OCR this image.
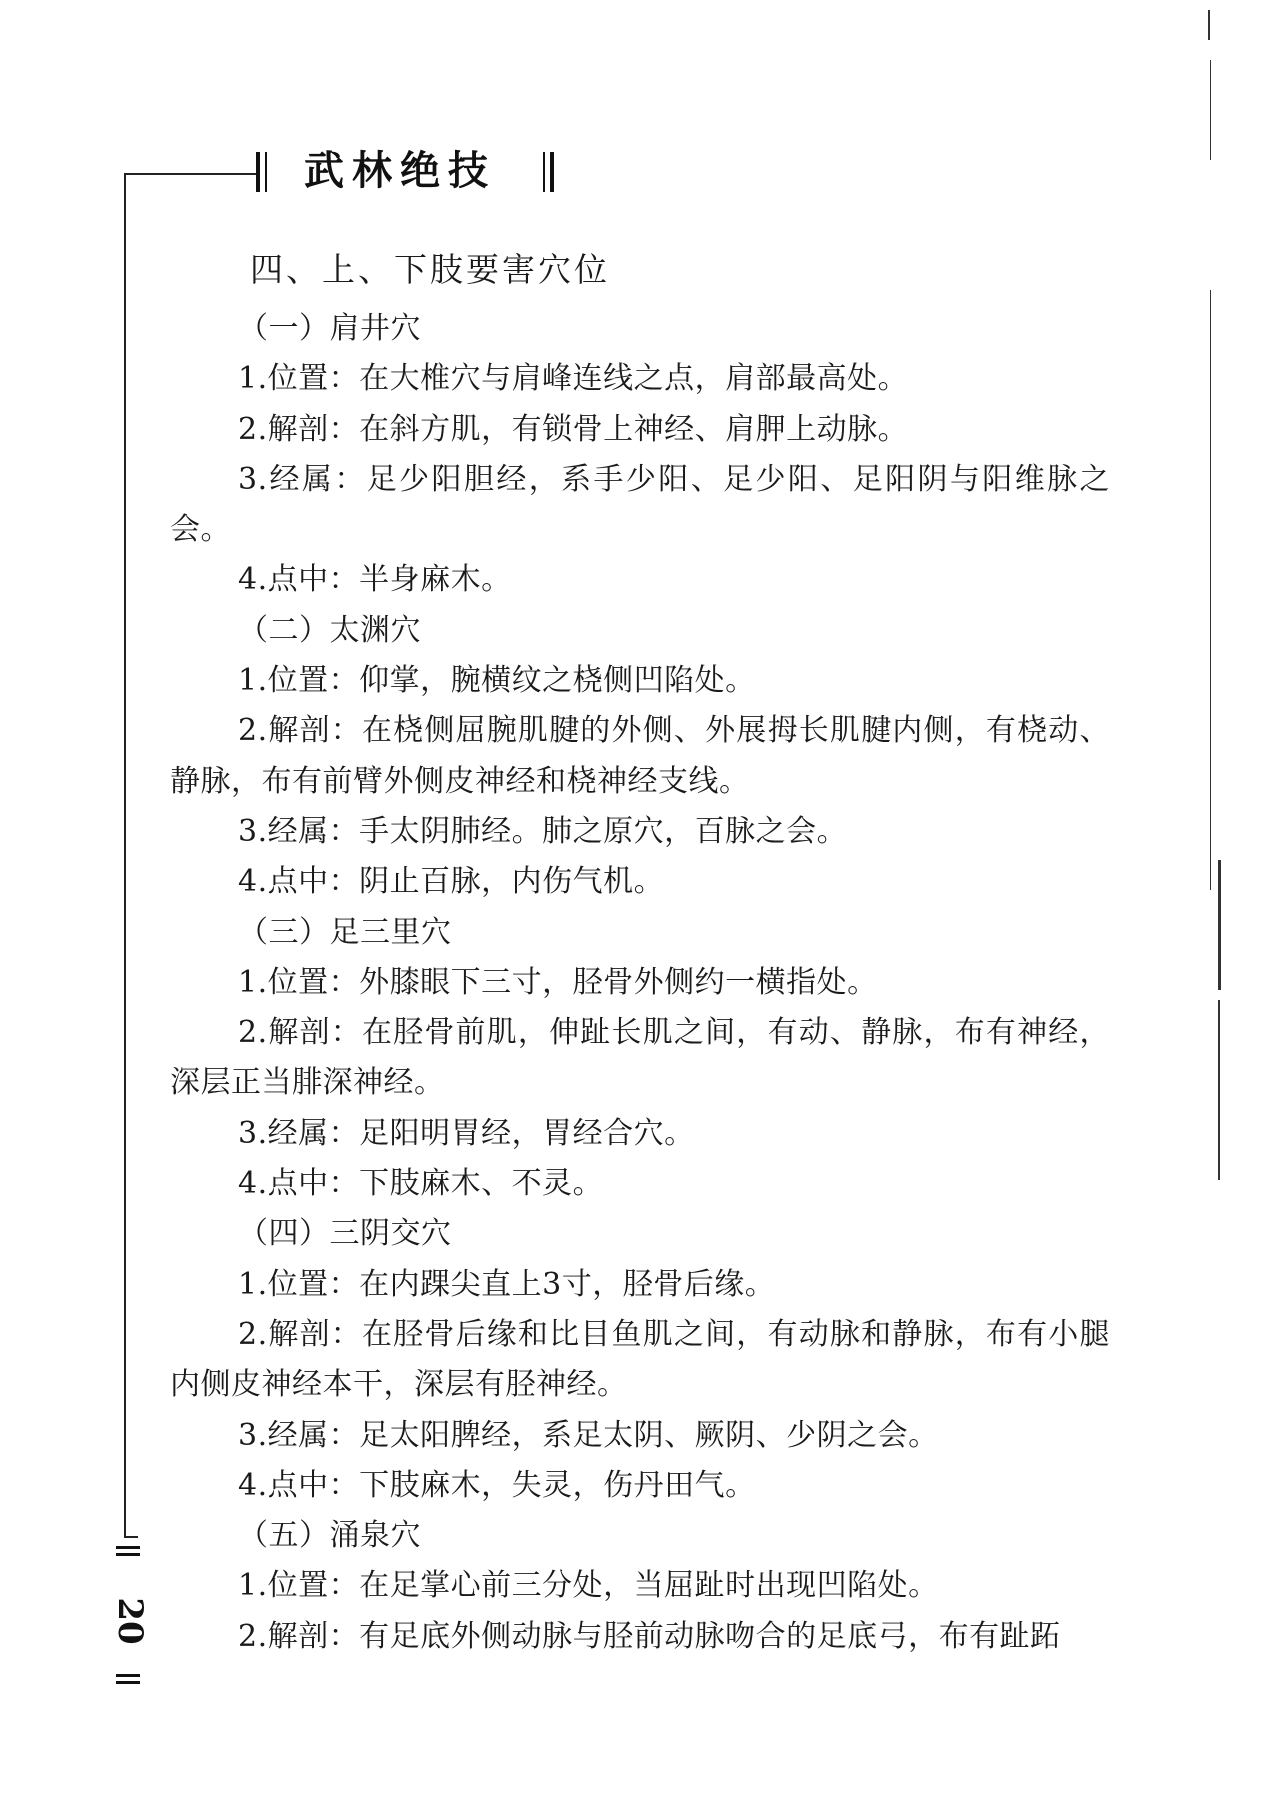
武林绝技
20
四、上、下肢要害穴位

（一）肩井穴

1.位置：在大椎穴与肩峰连线之点，肩部最高处。

2.解剖：在斜方肌，有锁骨上神经、肩胛上动脉。

3.经属：足少阳胆经，系手少阳、足少阳、足阳阴与阳维脉之会。

4.点中：半身麻木。

（二）太渊穴

1.位置：仰掌，腕横纹之桡侧凹陷处。

2.解剖：在桡侧屈腕肌腱的外侧、外展拇长肌腱内侧，有桡动、静脉，布有前臂外侧皮神经和桡神经支线。

3.经属：手太阴肺经。肺之原穴，百脉之会。

4.点中：阴止百脉，内伤气机。

（三）足三里穴

1.位置：外膝眼下三寸，胫骨外侧约一横指处。

2.解剖：在胫骨前肌，伸趾长肌之间，有动、静脉，布有神经，深层正当腓深神经。

3.经属：足阳明胃经，胃经合穴。

4.点中：下肢麻木、不灵。

（四）三阴交穴

1.位置：在内踝尖直上3寸，胫骨后缘。

2.解剖：在胫骨后缘和比目鱼肌之间，有动脉和静脉，布有小腿内侧皮神经本干，深层有胫神经。

3.经属：足太阳脾经，系足太阴、厥阴、少阴之会。

4.点中：下肢麻木，失灵，伤丹田气。

（五）涌泉穴

1.位置：在足掌心前三分处，当屈趾时出现凹陷处。

2.解剖：有足底外侧动脉与胫前动脉吻合的足底弓，布有趾跖
